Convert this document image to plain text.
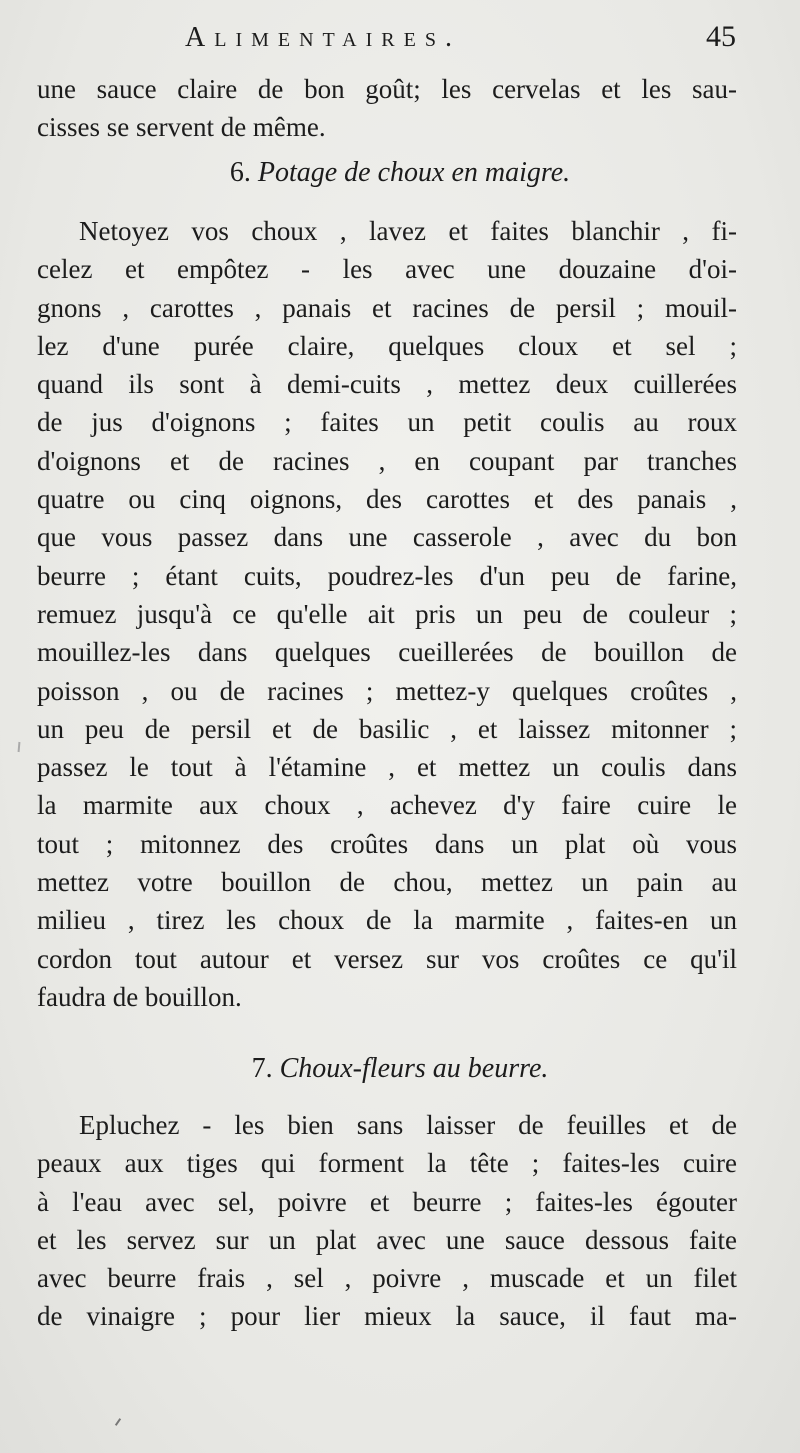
Alimentaires.	45
une sauce claire de bon goût; les cervelas et les sau-
cisses se servent de même.
6. Potage de choux en maigre.
Netoyez vos choux , lavez et faites blanchir , fi-
celez et empôtez - les avec une douzaine d'oi-
gnons , carottes , panais et racines de persil ; mouil-
lez d'une purée claire, quelques cloux et sel ;
quand ils sont à demi-cuits , mettez deux cuillerées
de jus d'oignons ; faites un petit coulis au roux
d'oignons et de racines , en coupant par tranches
quatre ou cinq oignons, des carottes et des panais ,
que vous passez dans une casserole , avec du bon
beurre ; étant cuits, poudrez-les d'un peu de farine,
remuez jusqu'à ce qu'elle ait pris un peu de couleur ;
mouillez-les dans quelques cueillerées de bouillon de
poisson , ou de racines ; mettez-y quelques croûtes ,
un peu de persil et de basilic , et laissez mitonner ;
passez le tout à l'étamine , et mettez un coulis dans
la marmite aux choux , achevez d'y faire cuire le
tout ; mitonnez des croûtes dans un plat où vous
mettez votre bouillon de chou, mettez un pain au
milieu , tirez les choux de la marmite , faites-en un
cordon tout autour et versez sur vos croûtes ce qu'il
faudra de bouillon.
7. Choux-fleurs au beurre.
Epluchez - les bien sans laisser de feuilles et de
peaux aux tiges qui forment la tête ; faites-les cuire
à l'eau avec sel, poivre et beurre ; faites-les égouter
et les servez sur un plat avec une sauce dessous faite
avec beurre frais , sel , poivre , muscade et un filet
de vinaigre ; pour lier mieux la sauce, il faut ma-
